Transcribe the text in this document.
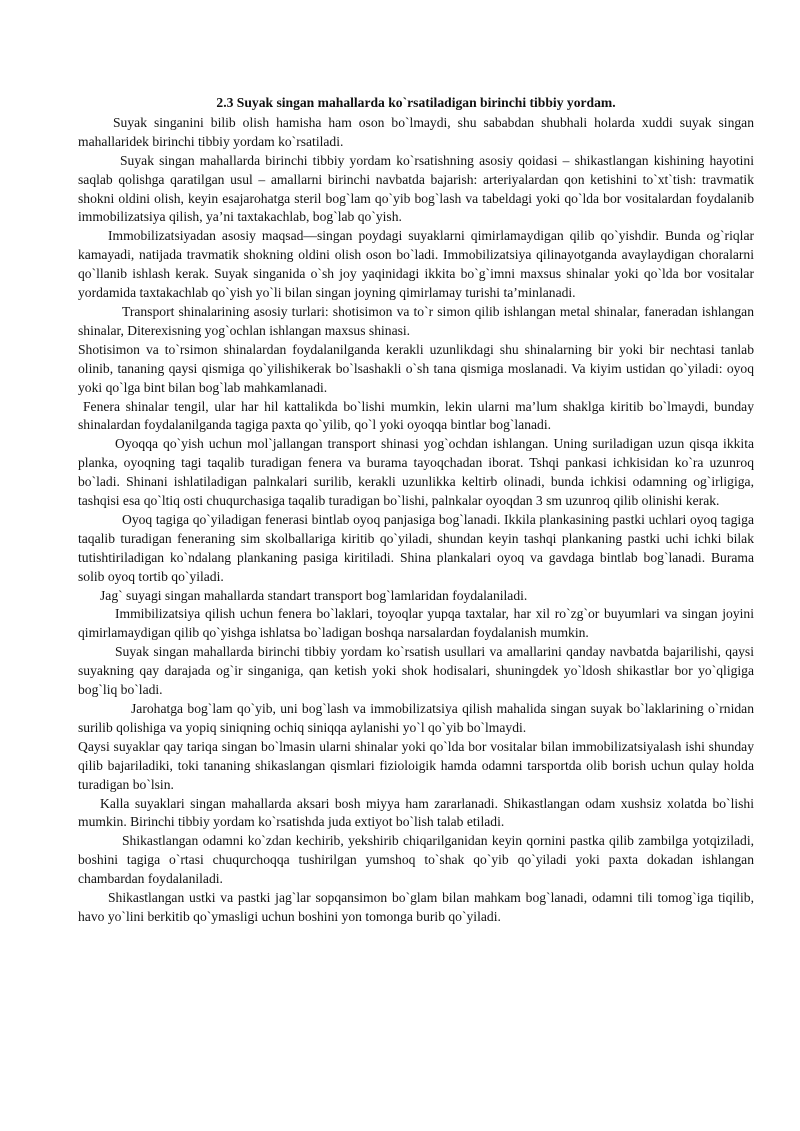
2.3 Suyak singan mahallarda ko`rsatiladigan birinchi tibbiy yordam.

Suyak singanini bilib olish hamisha ham oson bo`lmaydi, shu sababdan shubhali holarda xuddi suyak singan mahallaridek birinchi tibbiy yordam ko`rsatiladi.

Suyak singan mahallarda birinchi tibbiy yordam ko`rsatishning asosiy qoidasi – shikastlangan kishining hayotini saqlab qolishga qaratilgan usul – amallarni birinchi navbatda bajarish: arteriyalardan qon ketishini to`xt`tish: travmatik shokni oldini olish, keyin esajarohatga steril bog`lam qo`yib bog`lash va tabeldagi yoki qo`lda bor vositalardan foydalanib immobilizatsiya qilish, ya’ni taxtakachlab, bog`lab qo`yish.

Immobilizatsiyadan asosiy maqsad—singan poydagi suyaklarni qimirlamaydigan qilib qo`yishdir. Bunda og`riqlar kamayadi, natijada travmatik shokning oldini olish oson bo`ladi. Immobilizatsiya qilinayotganda avaylaydigan choralarni qo`llanib ishlash kerak. Suyak singanida o`sh joy yaqinidagi ikkita bo`g`imni maxsus shinalar yoki qo`lda bor vositalar yordamida taxtakachlab qo`yish yo`li bilan singan joyning qimirlamay turishi ta’minlanadi.

Transport shinalarining asosiy turlari: shotisimon va to`r simon qilib ishlangan metal shinalar, faneradan ishlangan shinalar, Diterexisning yog`ochlan ishlangan maxsus shinasi.

Shotisimon va to`rsimon shinalardan foydalanilganda kerakli uzunlikdagi shu shinalarning bir yoki bir nechtasi tanlab olinib, tananing qaysi qismiga qo`yilishikerak bo`lsashakli o`sh tana qismiga moslanadi. Va kiyim ustidan qo`yiladi: oyoq yoki qo`lga bint bilan bog`lab mahkamlanadi.

Fenera shinalar tengil, ular har hil kattalikda bo`lishi mumkin, lekin ularni ma’lum shaklga kiritib bo`lmaydi, bunday shinalardan foydalanilganda tagiga paxta qo`yilib, qo`l yoki oyoqqa bintlar bog`lanadi.

Oyoqqa qo`yish uchun mol`jallangan transport shinasi yog`ochdan ishlangan. Uning suriladigan uzun qisqa ikkita planka, oyoqning tagi taqalib turadigan fenera va burama tayoqchadan iborat. Tshqi pankasi ichkisidan ko`ra uzunroq bo`ladi. Shinani ishlatiladigan palnkalari surilib, kerakli uzunlikka keltirb olinadi, bunda ichkisi odamning og`irligiga, tashqisi esa qo`ltiq osti chuqurchasiga taqalib turadigan bo`lishi, palnkalar oyoqdan 3 sm uzunroq qilib olinishi kerak.

Oyoq tagiga qo`yiladigan fenerasi bintlab oyoq panjasiga bog`lanadi. Ikkila plankasining pastki uchlari oyoq tagiga taqalib turadigan feneraning sim skolballariga kiritib qo`yiladi, shundan keyin tashqi plankaning pastki uchi ichki bilak tutishtiriladigan ko`ndalang plankaning pasiga kiritiladi. Shina plankalari oyoq va gavdaga bintlab bog`lanadi. Burama solib oyoq tortib qo`yiladi.

Jag` suyagi singan mahallarda standart transport bog`lamlaridan foydalaniladi.

Immibilizatsiya qilish uchun fenera bo`laklari, toyoqlar yupqa taxtalar, har xil ro`zg`or buyumlari va singan joyini qimirlamaydigan qilib qo`yishga ishlatsa bo`ladigan boshqa narsalardan foydalanish mumkin.

Suyak singan mahallarda birinchi tibbiy yordam ko`rsatish usullari va amallarini qanday navbatda bajarilishi, qaysi suyakning qay darajada og`ir singaniga, qan ketish yoki shok hodisalari, shuningdek yo`ldosh shikastlar bor yo`qligiga bog`liq bo`ladi.

Jarohatga bog`lam qo`yib, uni bog`lash va immobilizatsiya qilish mahalida singan suyak bo`laklarining o`rnidan surilib qolishiga va yopiq siniqning ochiq siniqqa aylanishi yo`l qo`yib bo`lmaydi.

Qaysi suyaklar qay tariqa singan bo`lmasin ularni shinalar yoki qo`lda bor vositalar bilan immobilizatsiyalash ishi shunday qilib bajariladiki, toki tananing shikaslangan qismlari fizioloigik hamda odamni tarsportda olib borish uchun qulay holda turadigan bo`lsin.

Kalla suyaklari singan mahallarda aksari bosh miyya ham zararlanadi. Shikastlangan odam xushsiz xolatda bo`lishi mumkin. Birinchi tibbiy yordam ko`rsatishda juda extiyot bo`lish talab etiladi.

Shikastlangan odamni ko`zdan kechirib, yekshirib chiqarilganidan keyin qornini pastka qilib zambilga yotqiziladi, boshini tagiga o`rtasi chuqurchoqqa tushirilgan yumshoq to`shak qo`yib qo`yiladi yoki paxta dokadan ishlangan chambardan foydalaniladi.

Shikastlangan ustki va pastki jag`lar sopqansimon bo`glam bilan mahkam bog`lanadi, odamni tili tomog`iga tiqilib, havo yo`lini berkitib qo`ymasligi uchun boshini yon tomonga burib qo`yiladi.
